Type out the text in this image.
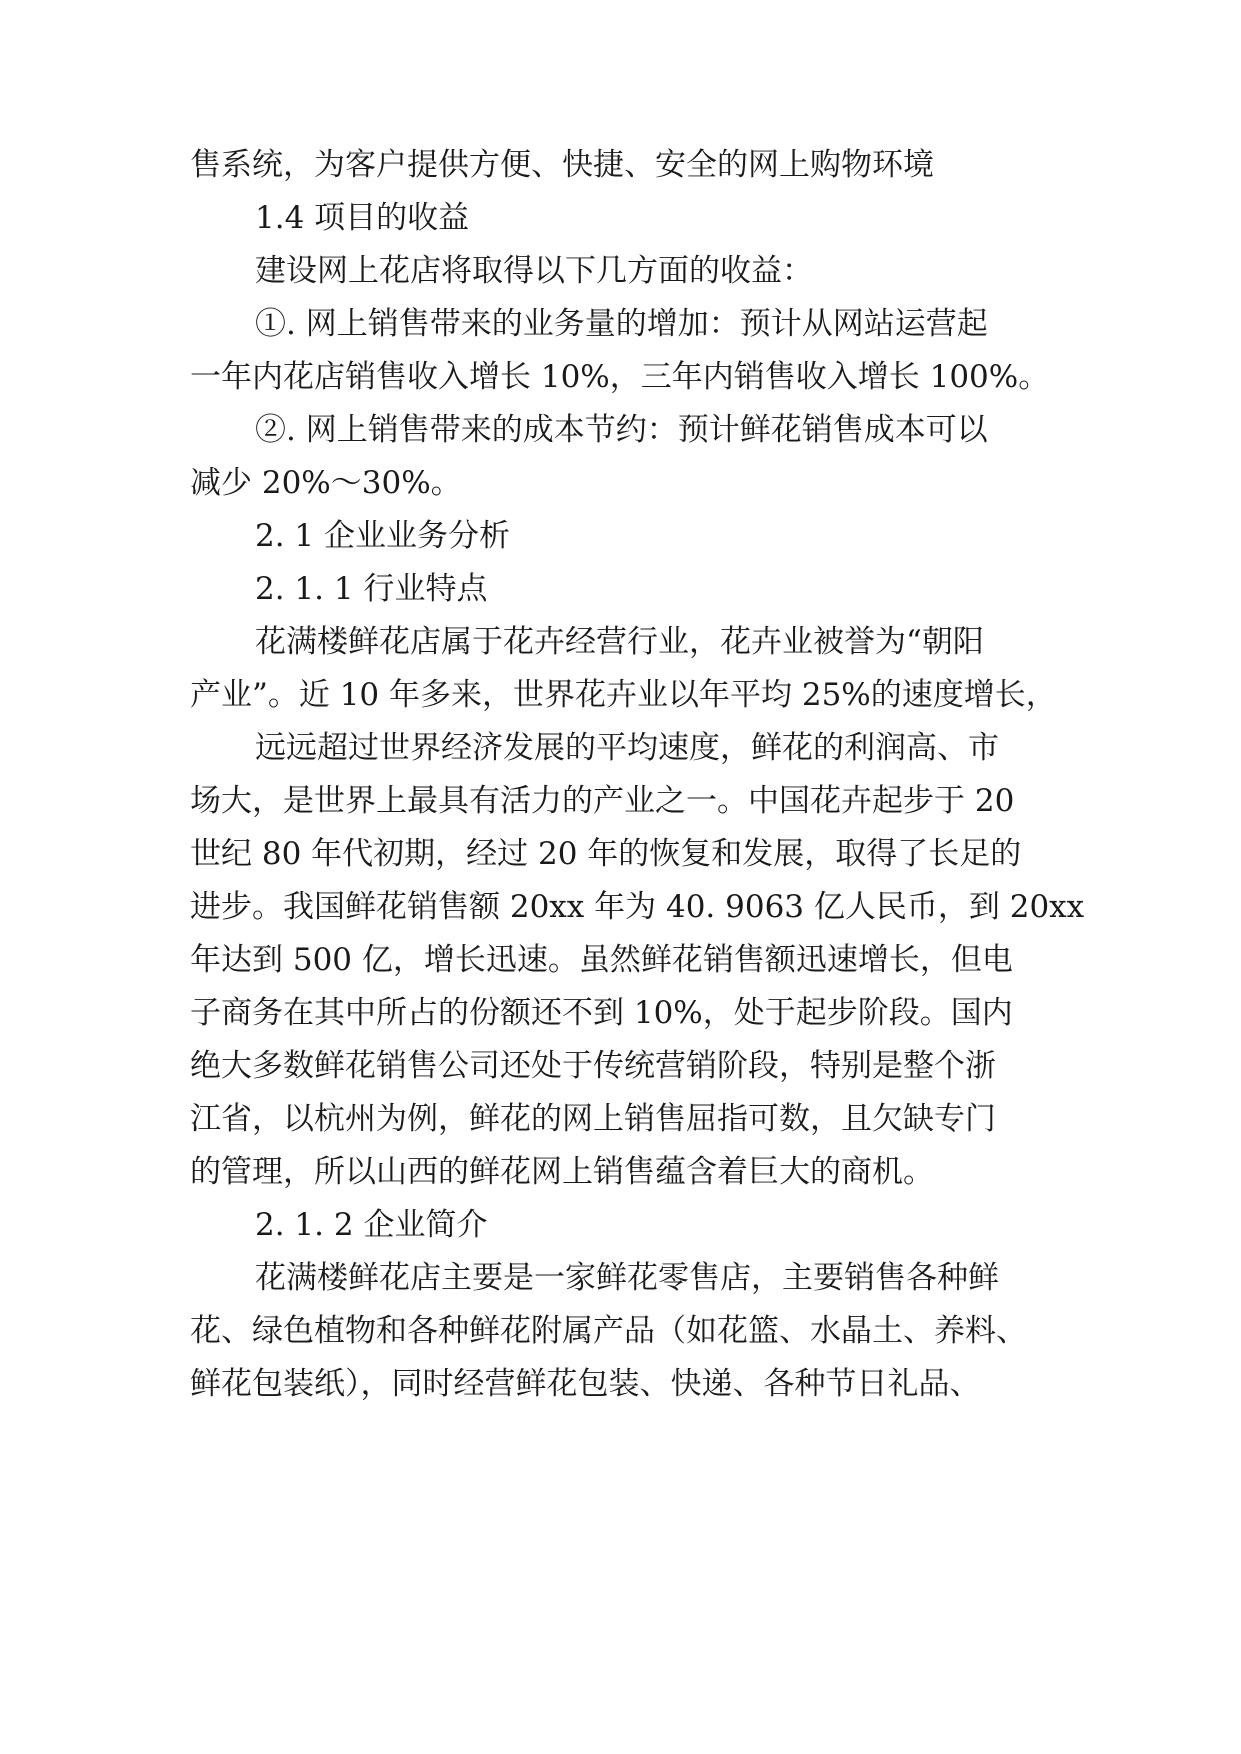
售系统，为客户提供方便、快捷、安全的网上购物环境
1.4 项目的收益
建设网上花店将取得以下几方面的收益：
①. 网上销售带来的业务量的增加：预计从网站运营起
一年内花店销售收入增长 10%，三年内销售收入增长 100%。
②. 网上销售带来的成本节约：预计鲜花销售成本可以
减少 20%～30%。
2. 1 企业业务分析
2. 1. 1 行业特点
花满楼鲜花店属于花卉经营行业，花卉业被誉为“朝阳
产业”。近 10 年多来，世界花卉业以年平均 25%的速度增长，
远远超过世界经济发展的平均速度，鲜花的利润高、市
场大，是世界上最具有活力的产业之一。中国花卉起步于 20
世纪 80 年代初期，经过 20 年的恢复和发展，取得了长足的
进步。我国鲜花销售额 20xx 年为 40. 9063 亿人民币，到 20xx
年达到 500 亿，增长迅速。虽然鲜花销售额迅速增长，但电
子商务在其中所占的份额还不到 10%，处于起步阶段。国内
绝大多数鲜花销售公司还处于传统营销阶段，特别是整个浙
江省，以杭州为例，鲜花的网上销售屈指可数，且欠缺专门
的管理，所以山西的鲜花网上销售蕴含着巨大的商机。
2. 1. 2 企业简介
花满楼鲜花店主要是一家鲜花零售店，主要销售各种鲜
花、绿色植物和各种鲜花附属产品（如花篮、水晶土、养料、
鲜花包装纸），同时经营鲜花包装、快递、各种节日礼品、
